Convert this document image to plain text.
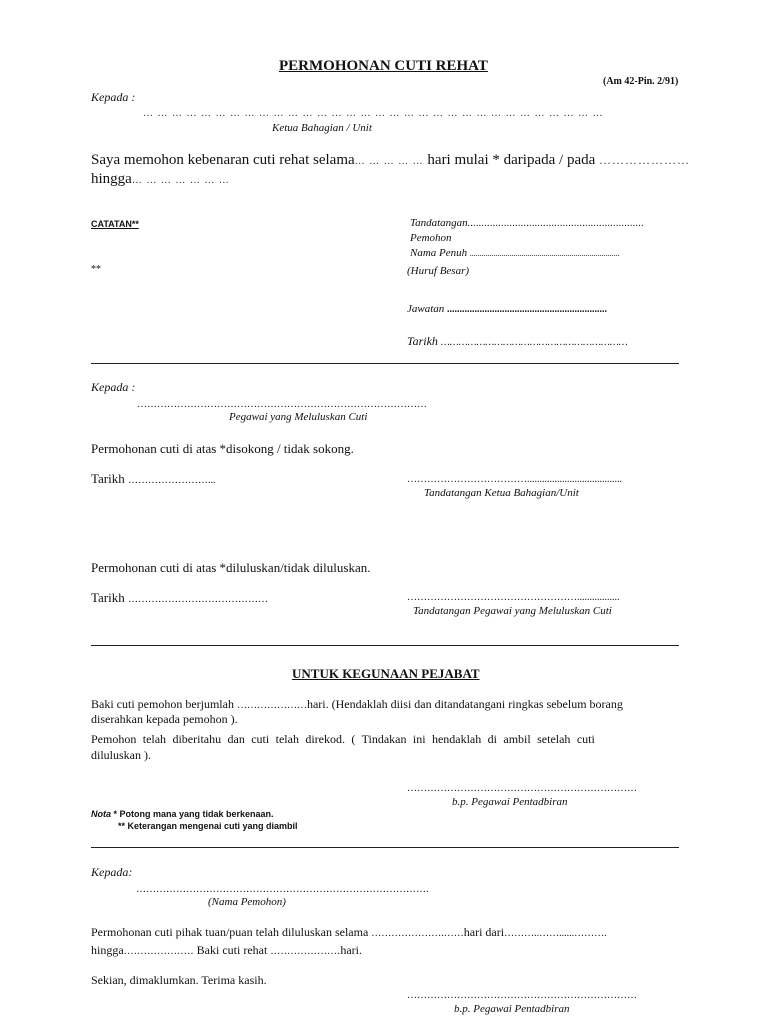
PERMOHONAN CUTI REHAT
(Am 42-Pin. 2/91)
Kepada :
… … … … … … … … … … … … … … … … … … … … … … … … … … … … … … … …
Ketua Bahagian / Unit
Saya memohon kebenaran cuti rehat selama… … … … … hari mulai * daripada / pada …………………
hingga… … … … … … …
CATATAN**
**
Tandatangan...............................................................
Pemohon
Nama Penuh ...........................................................................
(Huruf Besar)
Jawatan ................................................................
Tarikh ………………………………………………………
Kepada :
……………………………………………………………………………
Pegawai yang Meluluskan Cuti
Permohonan cuti di atas *disokong / tidak sokong.
Tarikh ……………………...	………………………………......................................
Tandatangan Ketua Bahagian/Unit
Permohonan cuti di atas *diluluskan/tidak diluluskan.
Tarikh ……………………………………	…………………………………………….................
Tandatangan Pegawai yang Meluluskan Cuti
UNTUK KEGUNAAN PEJABAT
Baki cuti pemohon berjumlah …………………hari. (Hendaklah diisi dan ditandatangani ringkas sebelum borang
diserahkan kepada pemohon ).
Pemohon telah diberitahu dan cuti telah direkod. ( Tindakan ini hendaklah di ambil setelah cuti
diluluskan ).
……………………………………………………………
b.p. Pegawai Pentadbiran
Nota * Potong mana yang tidak berkenaan.
** Keterangan mengenai cuti yang diambil
Kepada:
…………………………………………………………………………….
(Nama Pemohon)
Permohonan cuti pihak tuan/puan telah diluluskan selama ………………….……hari dari………..……......……….
hingga………………… Baki cuti rehat …………………hari.
Sekian, dimaklumkan. Terima kasih.
……………………………………………………………
b.p. Pegawai Pentadbiran
